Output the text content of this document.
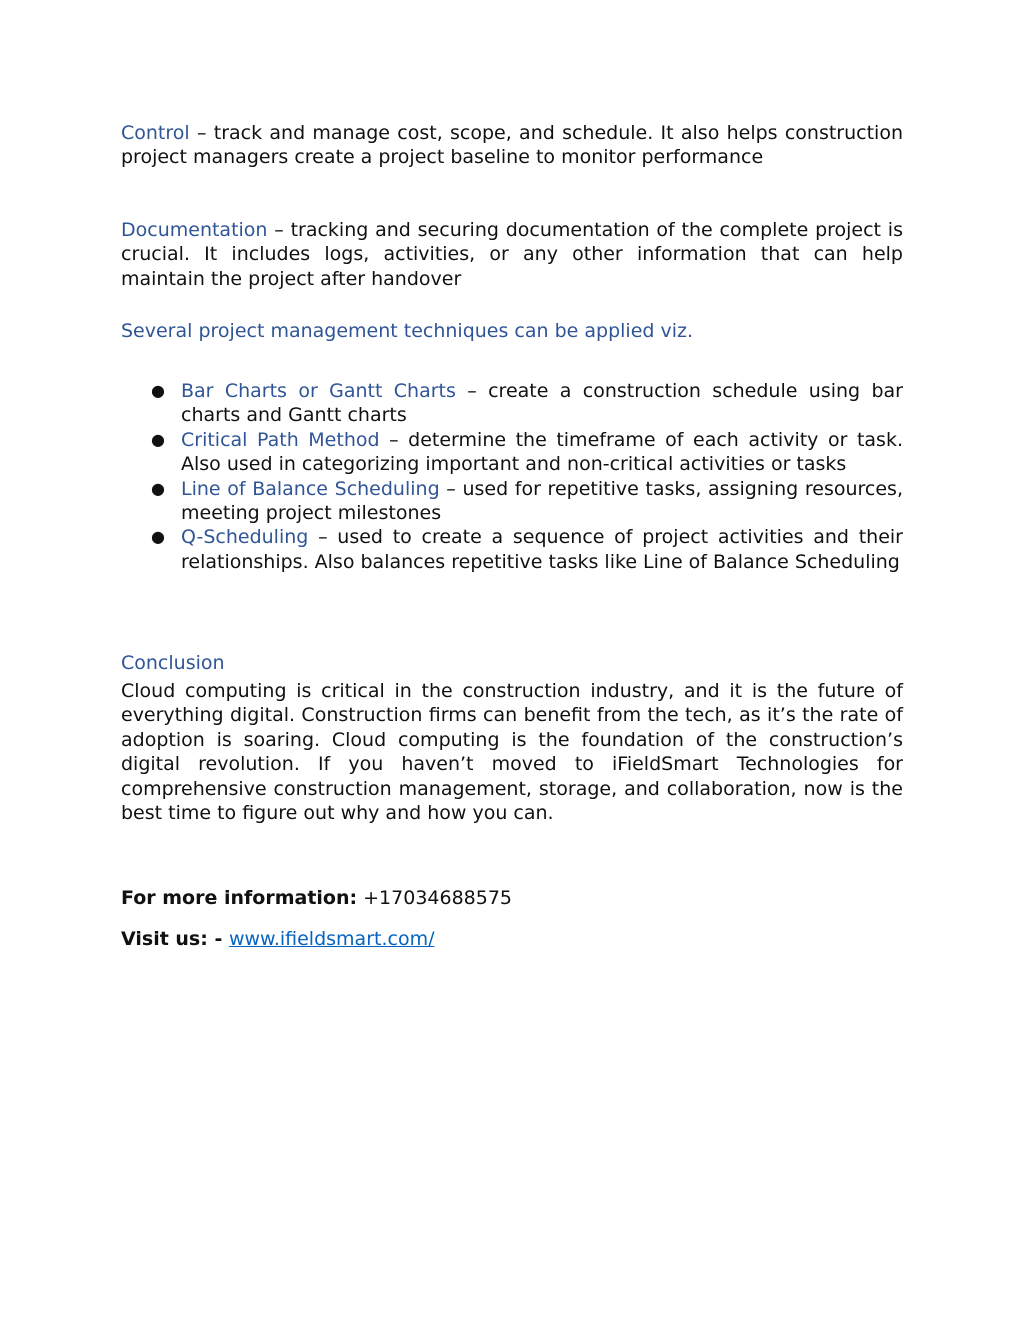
Control – track and manage cost, scope, and schedule. It also helps construction project managers create a project baseline to monitor performance

Documentation – tracking and securing documentation of the complete project is crucial. It includes logs, activities, or any other information that can help maintain the project after handover

Several project management techniques can be applied viz.

● Bar Charts or Gantt Charts – create a construction schedule using bar charts and Gantt charts
● Critical Path Method – determine the timeframe of each activity or task. Also used in categorizing important and non-critical activities or tasks
● Line of Balance Scheduling – used for repetitive tasks, assigning resources, meeting project milestones
● Q-Scheduling – used to create a sequence of project activities and their relationships. Also balances repetitive tasks like Line of Balance Scheduling

Conclusion

Cloud computing is critical in the construction industry, and it is the future of everything digital. Construction firms can benefit from the tech, as it’s the rate of adoption is soaring. Cloud computing is the foundation of the construction’s digital revolution. If you haven’t moved to iFieldSmart Technologies for comprehensive construction management, storage, and collaboration, now is the best time to figure out why and how you can.

For more information: +17034688575

Visit us: - www.ifieldsmart.com/
